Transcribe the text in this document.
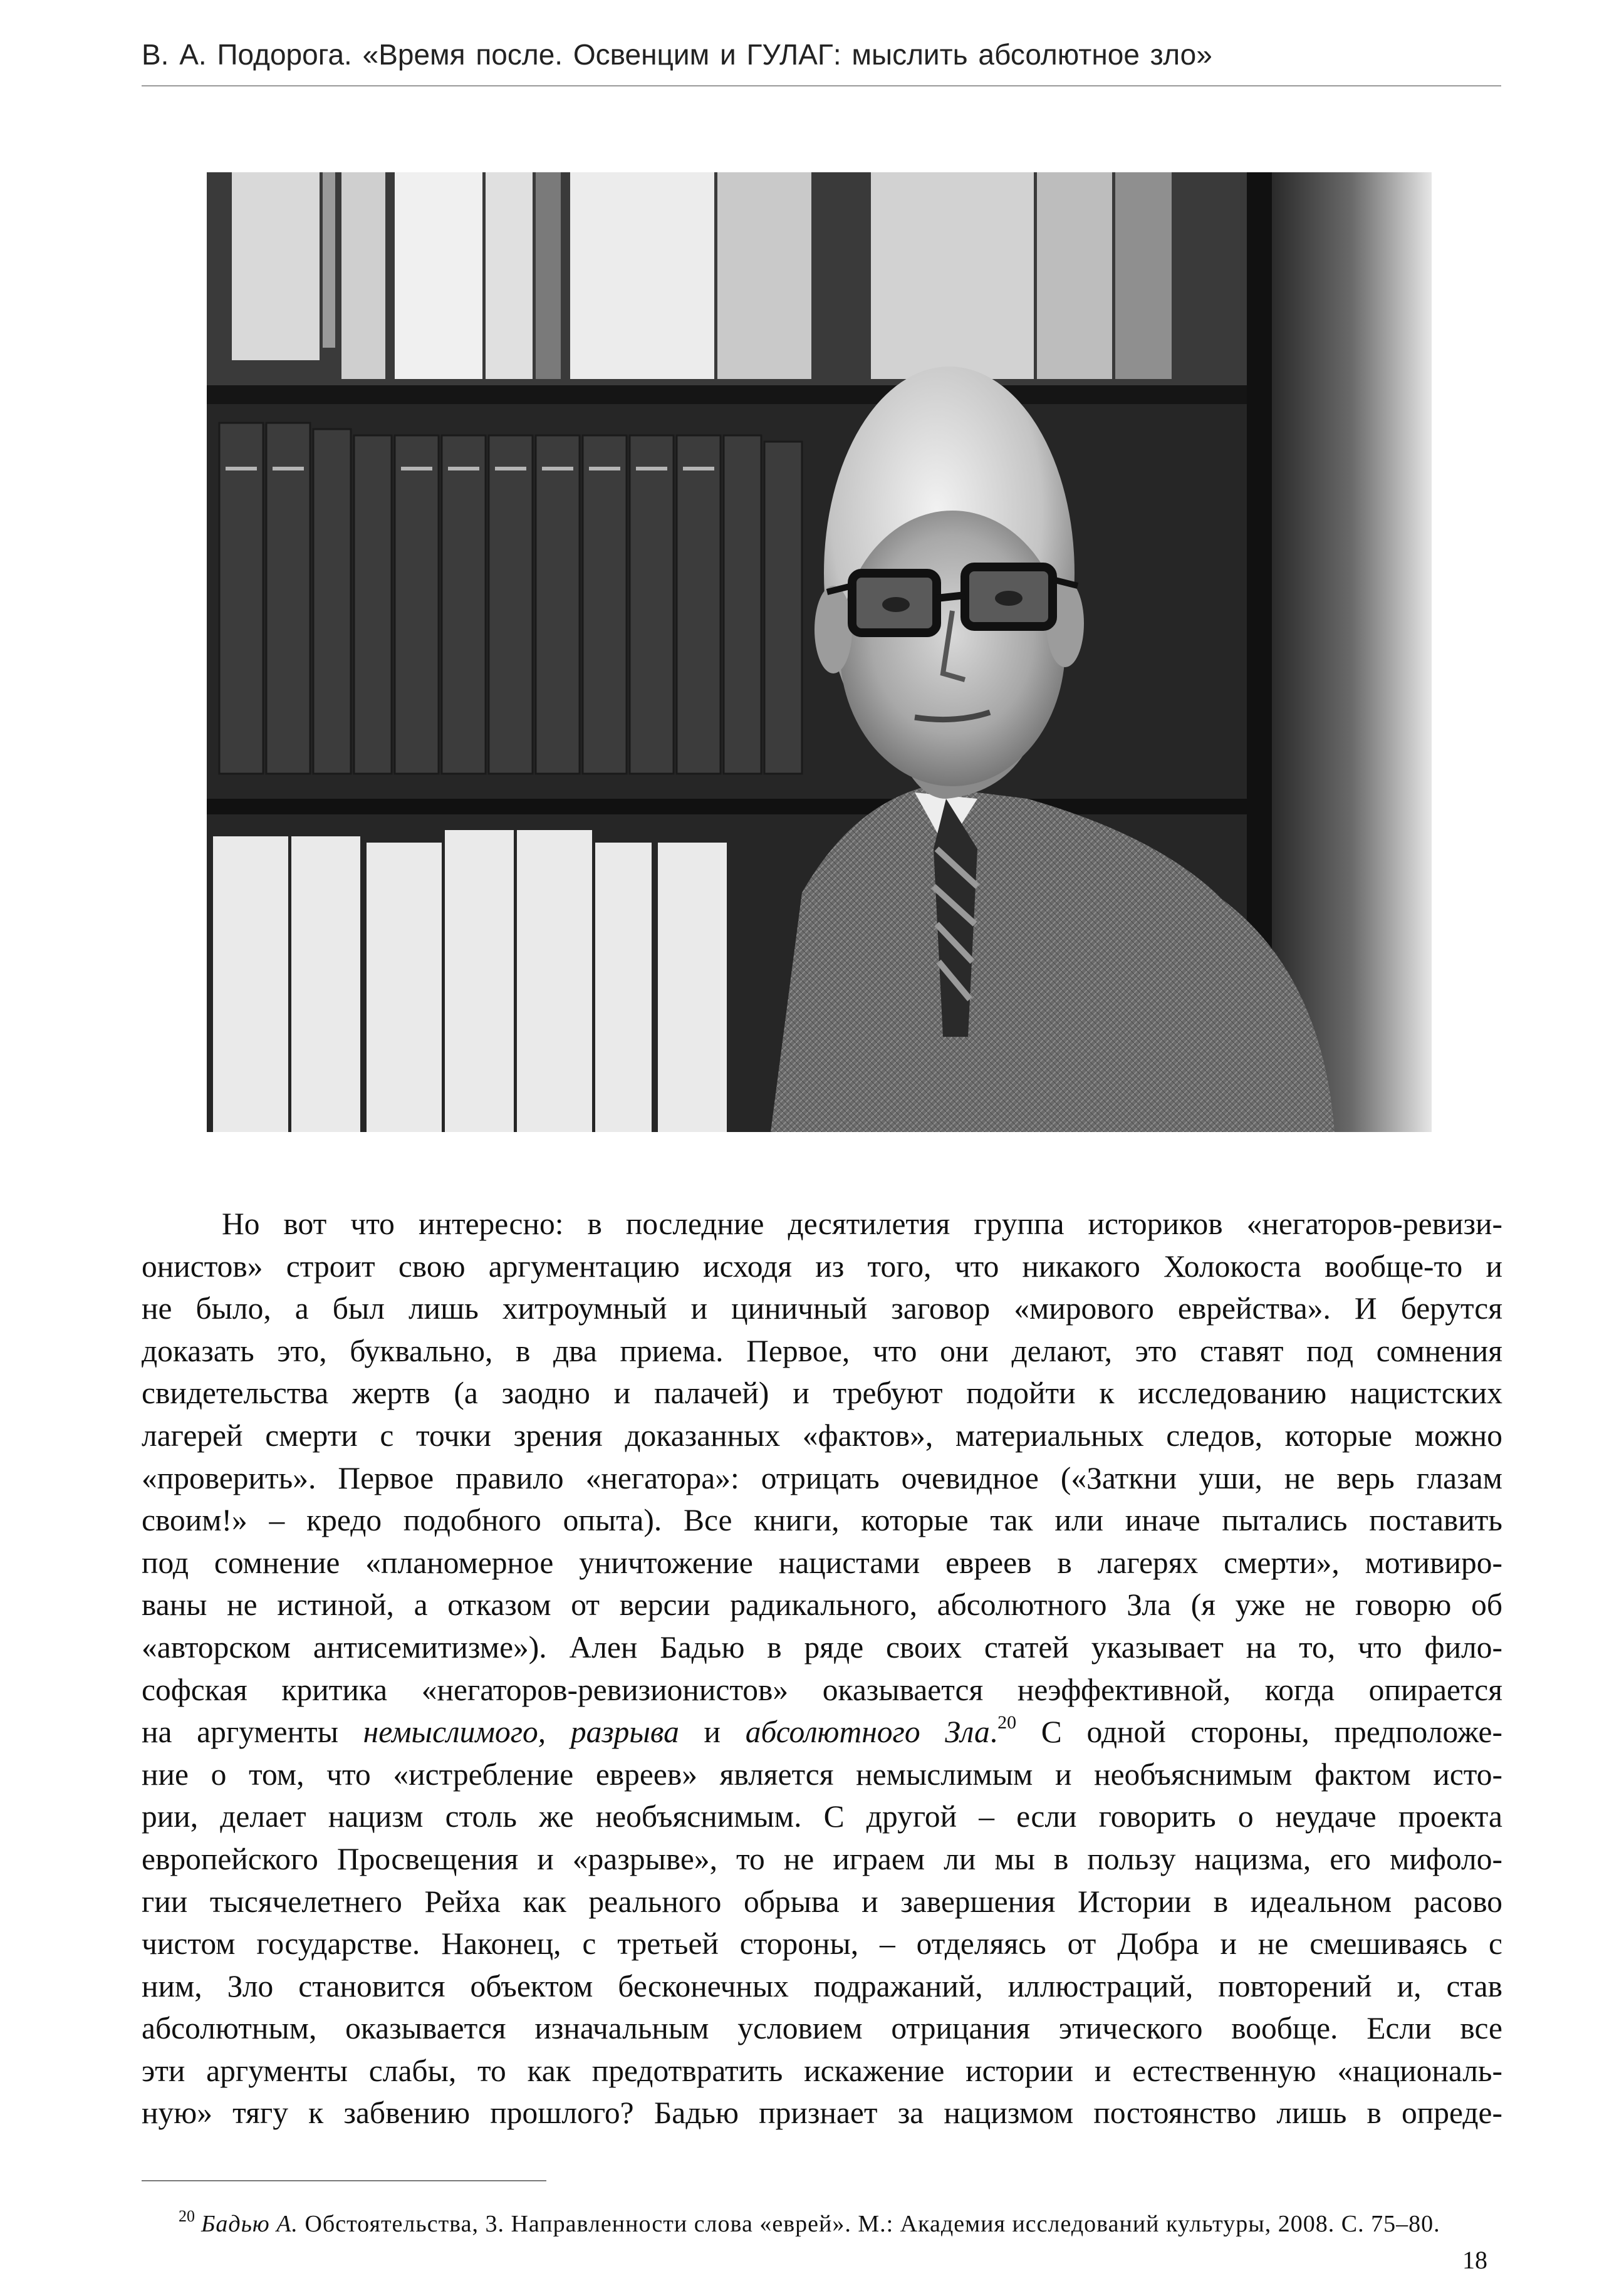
В. А. Подорога. «Время после. Освенцим и ГУЛАГ: мыслить абсолютное зло»
Но вот что интересно: в последние десятилетия группа историков «негаторов-ревизи-
онистов» строит свою аргументацию исходя из того, что никакого Холокоста вообще-то и
не было, а был лишь хитроумный и циничный заговор «мирового еврейства». И берутся
доказать это, буквально, в два приема. Первое, что они делают, это ставят под сомнения
свидетельства жертв (а заодно и палачей) и требуют подойти к исследованию нацистских
лагерей смерти с точки зрения доказанных «фактов», материальных следов, которые можно
«проверить». Первое правило «негатора»: отрицать очевидное («Заткни уши, не верь глазам
своим!» – кредо подобного опыта). Все книги, которые так или иначе пытались поставить
под сомнение «планомерное уничтожение нацистами евреев в лагерях смерти», мотивиро-
ваны не истиной, а отказом от версии радикального, абсолютного Зла (я уже не говорю об
«авторском антисемитизме»). Ален Бадью в ряде своих статей указывает на то, что фило-
софская критика «негаторов-ревизионистов» оказывается неэффективной, когда опирается
на аргументы немыслимого, разрыва и абсолютного Зла.$^{20}$ С одной стороны, предположе-
ние о том, что «истребление евреев» является немыслимым и необъяснимым фактом исто-
рии, делает нацизм столь же необъяснимым. С другой – если говорить о неудаче проекта
европейского Просвещения и «разрыве», то не играем ли мы в пользу нацизма, его мифоло-
гии тысячелетнего Рейха как реального обрыва и завершения Истории в идеальном расово
чистом государстве. Наконец, с третьей стороны, – отделяясь от Добра и не смешиваясь с
ним, Зло становится объектом бесконечных подражаний, иллюстраций, повторений и, став
абсолютным, оказывается изначальным условием отрицания этического вообще. Если все
эти аргументы слабы, то как предотвратить искажение истории и естественную «националь-
ную» тягу к забвению прошлого? Бадью признает за нацизмом постоянство лишь в опреде-
$^{20}$ Бадью А. Обстоятельства, 3. Направленности слова «еврей». М.: Академия исследований культуры, 2008. С. 75–80.
18
